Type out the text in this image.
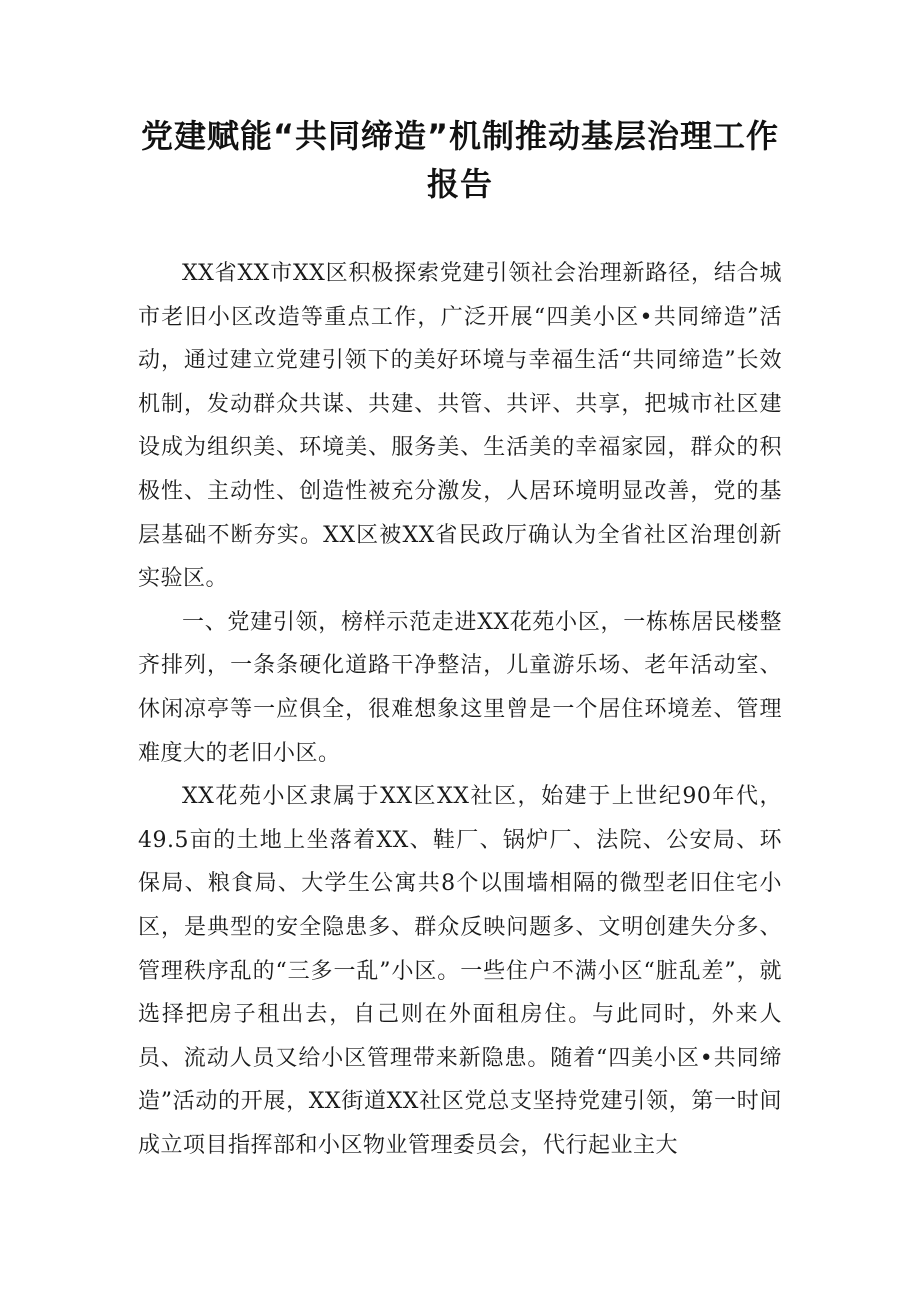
党建赋能“共同缔造”机制推动基层治理工作报告

XX省XX市XX区积极探索党建引领社会治理新路径，结合城市老旧小区改造等重点工作，广泛开展“四美小区•共同缔造”活动，通过建立党建引领下的美好环境与幸福生活“共同缔造”长效机制，发动群众共谋、共建、共管、共评、共享，把城市社区建设成为组织美、环境美、服务美、生活美的幸福家园，群众的积极性、主动性、创造性被充分激发，人居环境明显改善，党的基层基础不断夯实。XX区被XX省民政厅确认为全省社区治理创新实验区。

一、党建引领，榜样示范走进XX花苑小区，一栋栋居民楼整齐排列，一条条硬化道路干净整洁，儿童游乐场、老年活动室、休闲凉亭等一应俱全，很难想象这里曾是一个居住环境差、管理难度大的老旧小区。

XX花苑小区隶属于XX区XX社区，始建于上世纪90年代，49.5亩的土地上坐落着XX、鞋厂、锅炉厂、法院、公安局、环保局、粮食局、大学生公寓共8个以围墙相隔的微型老旧住宅小区，是典型的安全隐患多、群众反映问题多、文明创建失分多、管理秩序乱的“三多一乱”小区。一些住户不满小区“脏乱差”，就选择把房子租出去，自己则在外面租房住。与此同时，外来人员、流动人员又给小区管理带来新隐患。随着“四美小区•共同缔造”活动的开展，XX街道XX社区党总支坚持党建引领，第一时间成立项目指挥部和小区物业管理委员会，代行起业主大
